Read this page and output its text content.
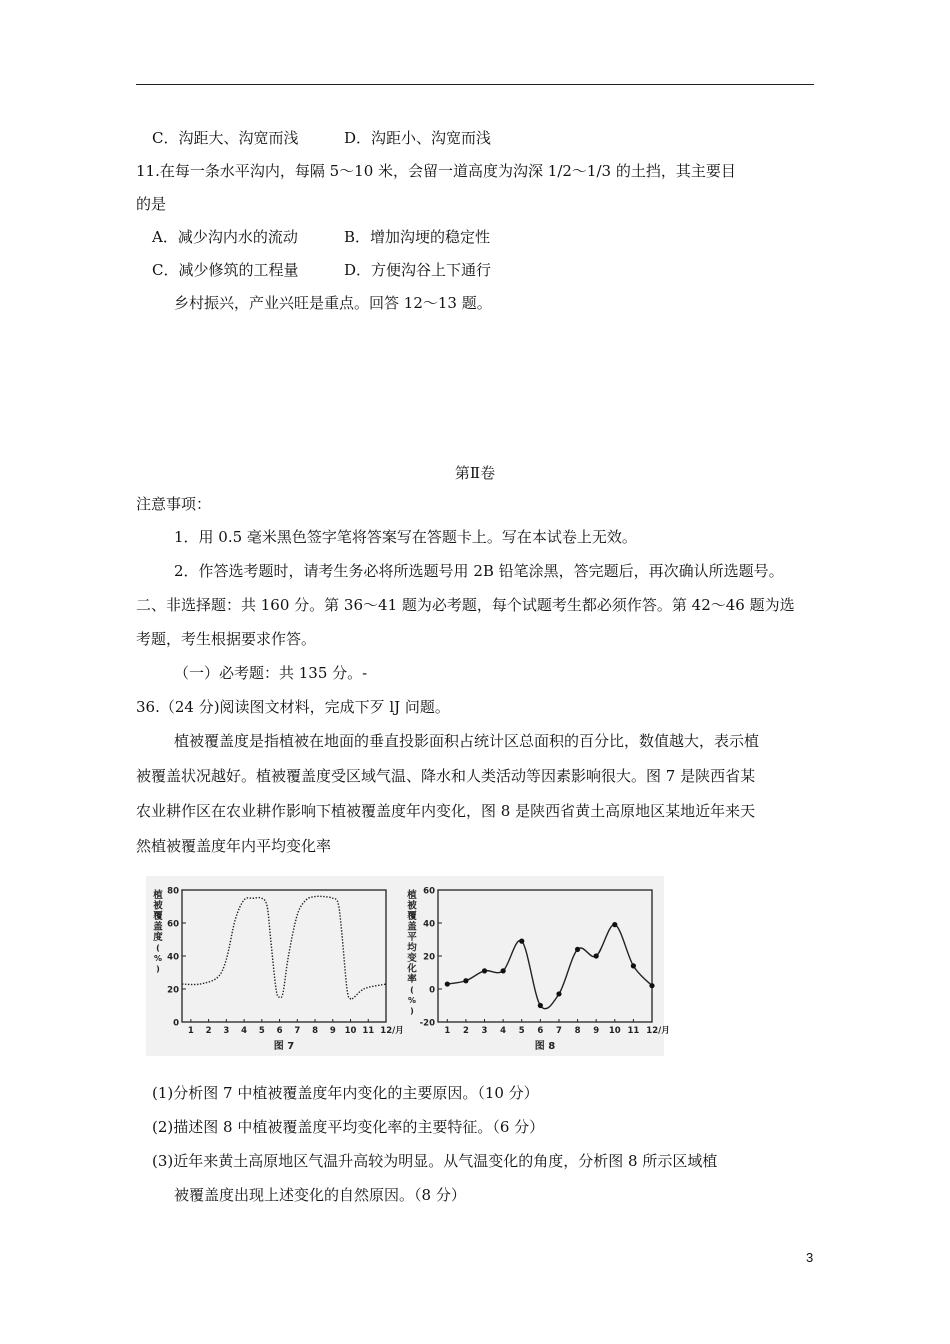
C．沟距大、沟宽而浅	D．沟距小、沟宽而浅
11.在每一条水平沟内，每隔 5～10 米，会留一道高度为沟深 1/2～1/3 的土挡，其主要目
的是
A．减少沟内水的流动	B．增加沟埂的稳定性
C．减少修筑的工程量	D．方便沟谷上下通行
乡村振兴，产业兴旺是重点。回答 12～13 题。
第Ⅱ卷
注意事项：
1．用 0.5 毫米黑色签字笔将答案写在答题卡上。写在本试卷上无效。
2．作答选考题时，请考生务必将所选题号用 2B 铅笔涂黑，答完题后，再次确认所选题号。
二、非选择题：共 160 分。第 36～41 题为必考题，每个试题考生都必须作答。第 42～46 题为选
考题，考生根据要求作答。
（一）必考题：共 135 分。-
36.（24 分)阅读图文材料，完成下歹 lJ 问题。
植被覆盖度是指植被在地面的垂直投影面积占统计区总面积的百分比，数值越大，表示植
被覆盖状况越好。植被覆盖度受区域气温、降水和人类活动等因素影响很大。图 7 是陕西省某
农业耕作区在农业耕作影响下植被覆盖度年内变化，图 8 是陕西省黄土高原地区某地近年来天
然植被覆盖度年内平均变化率
0
20
40
60
80
1 2 3 4 5 6 7 8 9 10 11 12/月
植
被
覆
盖
度
(
%
)
图 7
-20
0
20
40
60
1 2 3 4 5 6 7 8 9 10 11 12/月
植
被
覆
盖
平
均
变
化
率
(
%
)
图 8
(1)分析图 7 中植被覆盖度年内变化的主要原因。（10 分）
(2)描述图 8 中植被覆盖度平均变化率的主要特征。（6 分）
(3)近年来黄土高原地区气温升高较为明显。从气温变化的角度，分析图 8 所示区域植
被覆盖度出现上述变化的自然原因。（8 分）
3
